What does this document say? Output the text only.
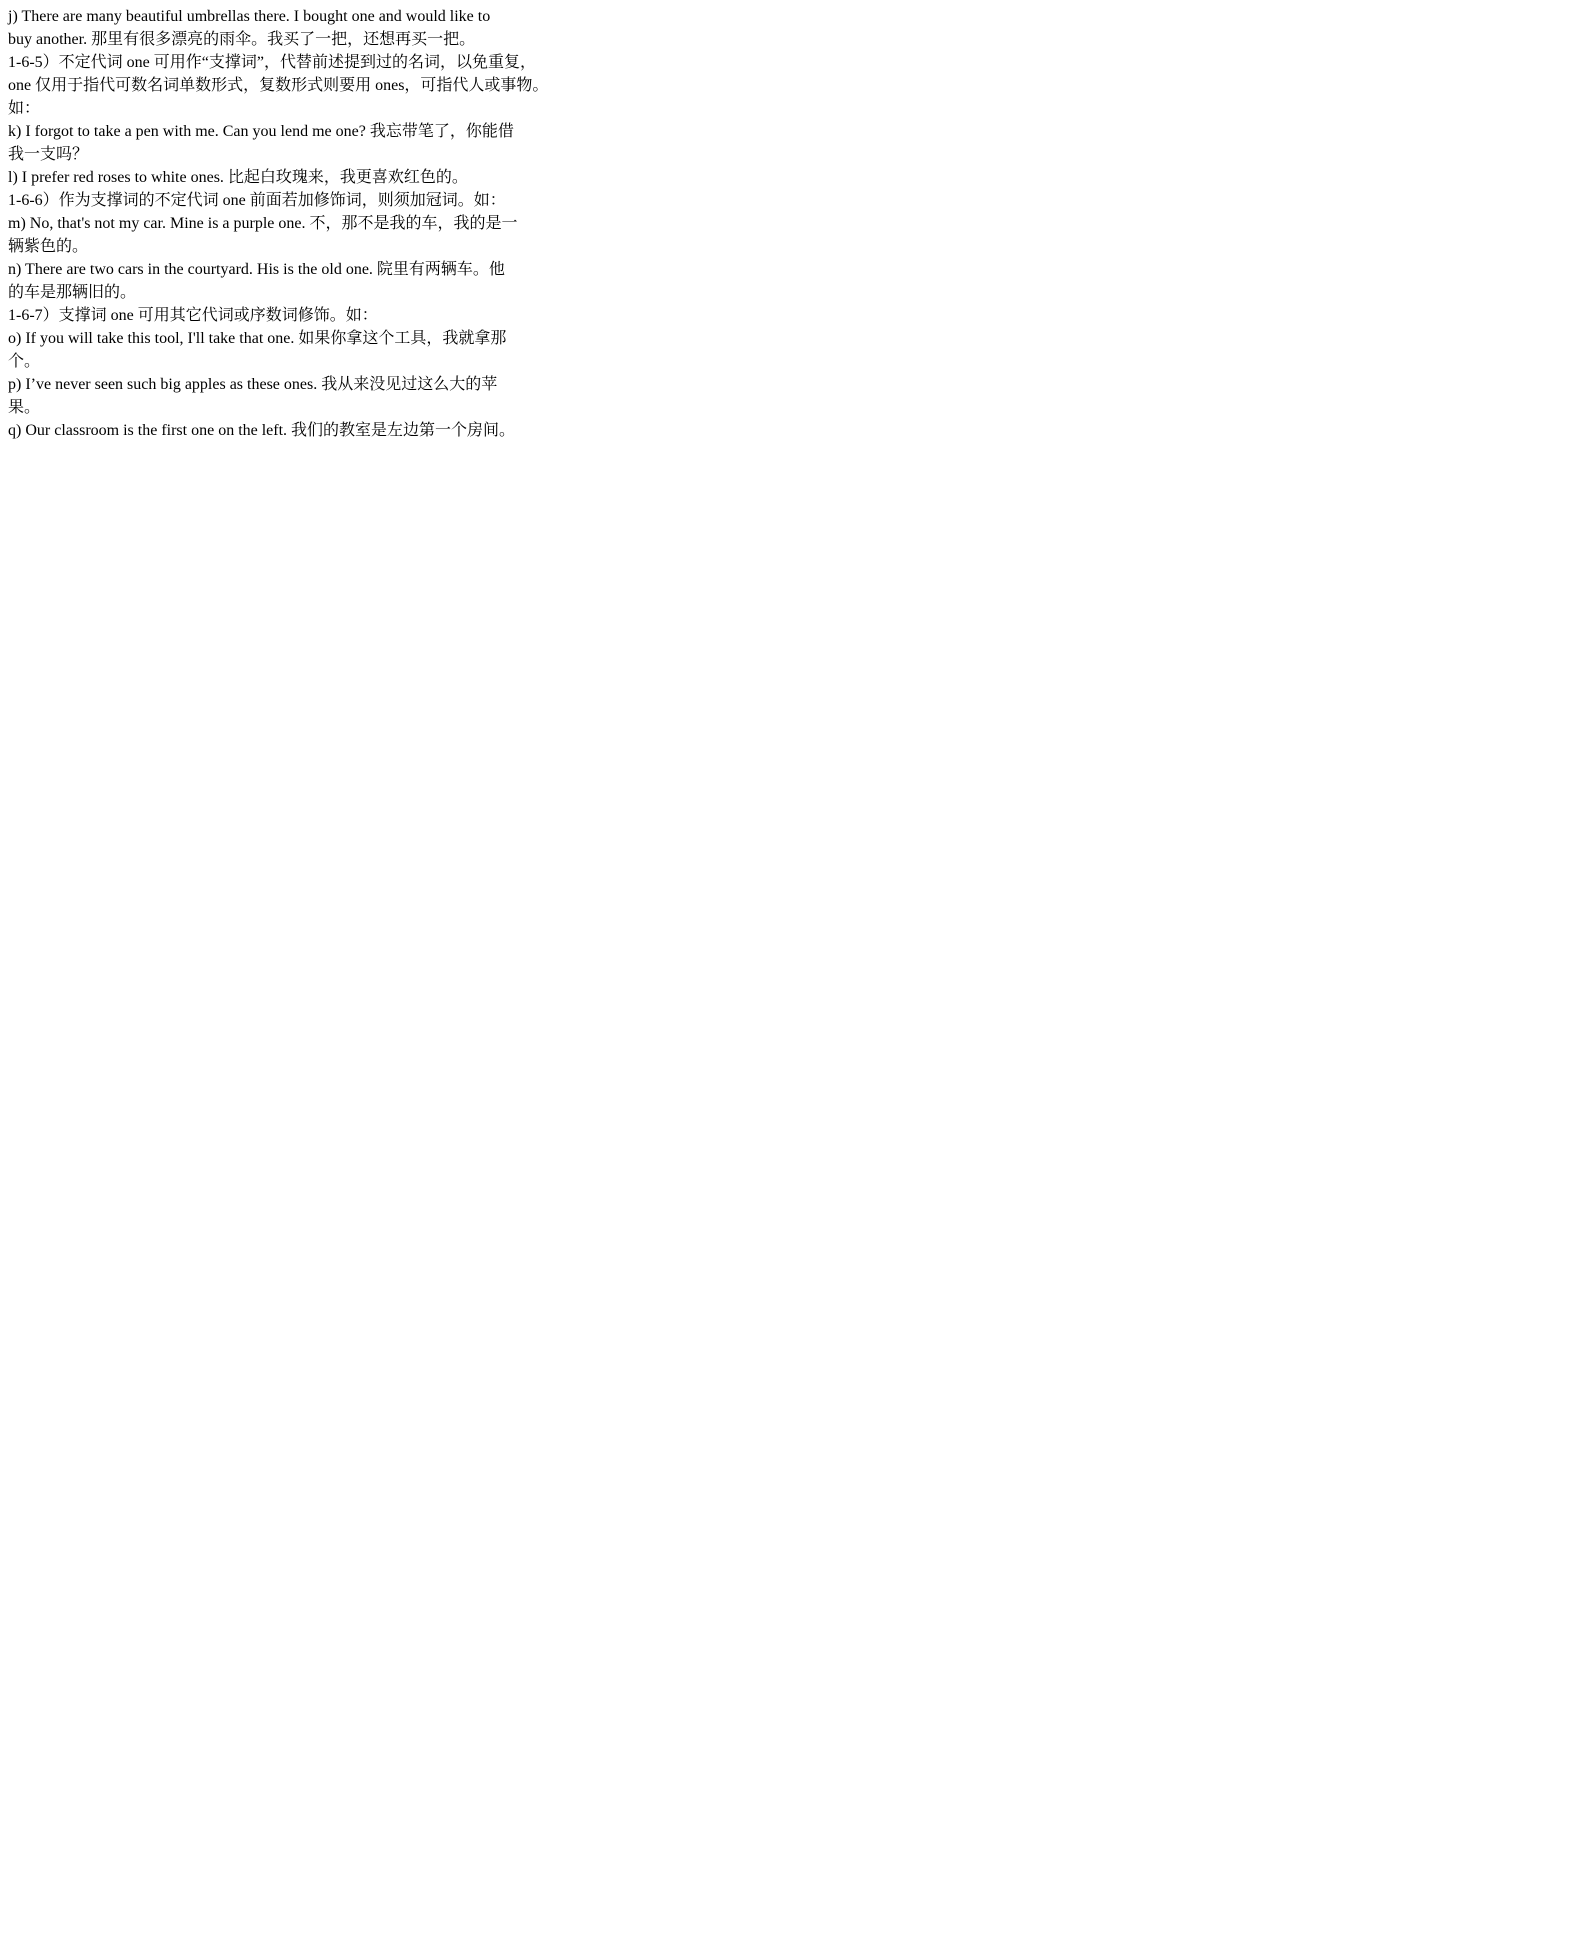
j) There are many beautiful umbrellas there. I bought one and would like to
buy another. 那里有很多漂亮的雨伞。我买了一把，还想再买一把。
1-6-5）不定代词 one 可用作“支撑词”，代替前述提到过的名词，以免重复，
one 仅用于指代可数名词单数形式，复数形式则要用 ones，可指代人或事物。
如：
k) I forgot to take a pen with me. Can you lend me one? 我忘带笔了，你能借
我一支吗？
l) I prefer red roses to white ones. 比起白玫瑰来，我更喜欢红色的。
1-6-6）作为支撑词的不定代词 one 前面若加修饰词，则须加冠词。如：
m) No, that's not my car. Mine is a purple one. 不，那不是我的车，我的是一
辆紫色的。
n) There are two cars in the courtyard. His is the old one. 院里有两辆车。他
的车是那辆旧的。
1-6-7）支撑词 one 可用其它代词或序数词修饰。如：
o) If you will take this tool, I'll take that one. 如果你拿这个工具，我就拿那
个。
p) I’ve never seen such big apples as these ones. 我从来没见过这么大的苹
果。
q) Our classroom is the first one on the left. 我们的教室是左边第一个房间。
